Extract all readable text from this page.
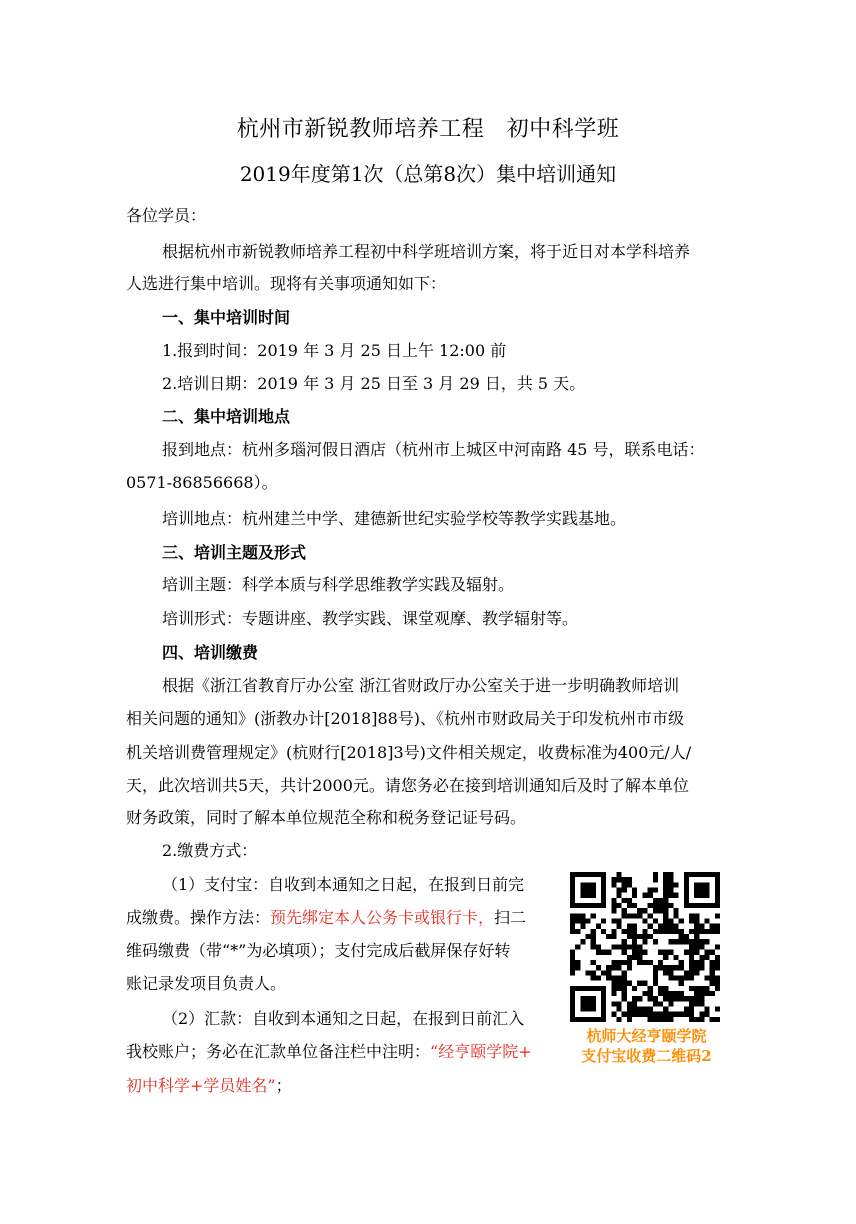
杭州市新锐教师培养工程　初中科学班
2019年度第1次（总第8次）集中培训通知
各位学员：
根据杭州市新锐教师培养工程初中科学班培训方案，将于近日对本学科培养
人选进行集中培训。现将有关事项通知如下：
一、集中培训时间
1.报到时间：2019 年 3 月 25 日上午 12:00 前
2.培训日期：2019 年 3 月 25 日至 3 月 29 日，共 5 天。
二、集中培训地点
报到地点：杭州多瑙河假日酒店（杭州市上城区中河南路 45 号，联系电话：
0571-86856668）。
培训地点：杭州建兰中学、建德新世纪实验学校等教学实践基地。
三、培训主题及形式
培训主题：科学本质与科学思维教学实践及辐射。
培训形式：专题讲座、教学实践、课堂观摩、教学辐射等。
四、培训缴费
根据《浙江省教育厅办公室 浙江省财政厅办公室关于进一步明确教师培训
相关问题的通知》(浙教办计[2018]88号)、《杭州市财政局关于印发杭州市市级
机关培训费管理规定》(杭财行[2018]3号)文件相关规定，收费标准为400元/人/
天，此次培训共5天，共计2000元。请您务必在接到培训通知后及时了解本单位
财务政策，同时了解本单位规范全称和税务登记证号码。
2.缴费方式：
（1）支付宝：自收到本通知之日起，在报到日前完
成缴费。操作方法：预先绑定本人公务卡或银行卡，扫二
维码缴费（带“*”为必填项）；支付完成后截屏保存好转
账记录发项目负责人。
（2）汇款：自收到本通知之日起，在报到日前汇入
我校账户；务必在汇款单位备注栏中注明：“经亨颐学院+
初中科学+学员姓名”；
杭师大经亨颐学院
支付宝收费二维码2
